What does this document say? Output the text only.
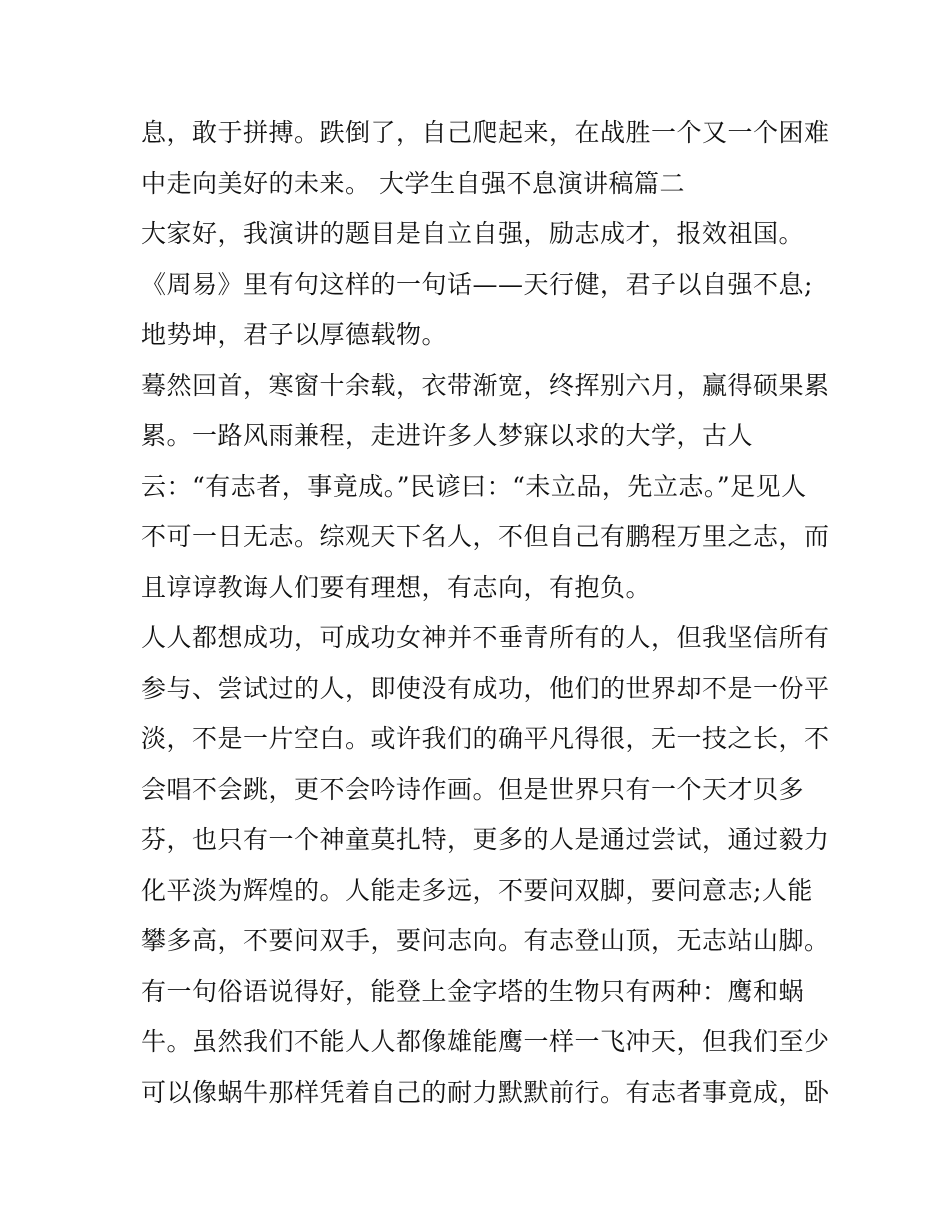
息，敢于拼搏。跌倒了，自己爬起来，在战胜一个又一个困难
中走向美好的未来。 大学生自强不息演讲稿篇二
大家好，我演讲的题目是自立自强，励志成才，报效祖国。
《周易》里有句这样的一句话——天行健，君子以自强不息;
地势坤，君子以厚德载物。
蓦然回首，寒窗十余载，衣带渐宽，终挥别六月，赢得硕果累
累。一路风雨兼程，走进许多人梦寐以求的大学，古人
云：“有志者，事竟成。”民谚曰：“未立品，先立志。”足见人
不可一日无志。综观天下名人，不但自己有鹏程万里之志，而
且谆谆教诲人们要有理想，有志向，有抱负。
人人都想成功，可成功女神并不垂青所有的人，但我坚信所有
参与、尝试过的人，即使没有成功，他们的世界却不是一份平
淡，不是一片空白。或许我们的确平凡得很，无一技之长，不
会唱不会跳，更不会吟诗作画。但是世界只有一个天才贝多
芬，也只有一个神童莫扎特，更多的人是通过尝试，通过毅力
化平淡为辉煌的。人能走多远，不要问双脚，要问意志;人能
攀多高，不要问双手，要问志向。有志登山顶，无志站山脚。
有一句俗语说得好，能登上金字塔的生物只有两种：鹰和蜗
牛。虽然我们不能人人都像雄能鹰一样一飞冲天，但我们至少
可以像蜗牛那样凭着自己的耐力默默前行。有志者事竟成，卧
